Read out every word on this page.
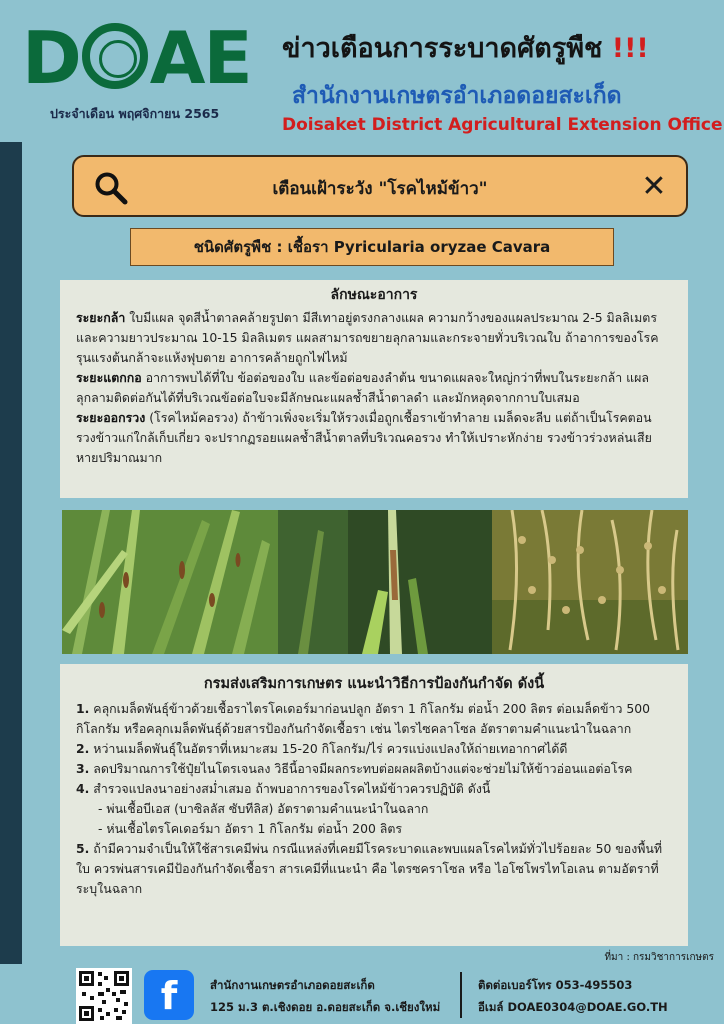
D AE
ประจำเดือน พฤศจิกายน 2565
ข่าวเตือนการระบาดศัตรูพืช !!!
สำนักงานเกษตรอำเภอดอยสะเก็ด
Doisaket District Agricultural Extension Office
เตือนเฝ้าระวัง "โรคไหม้ข้าว"	✕
ชนิดศัตรูพืช : เชื้อรา Pyricularia oryzae Cavara
ลักษณะอาการ

ระยะกล้า ใบมีแผล จุดสีน้ำตาลคล้ายรูปตา มีสีเทาอยู่ตรงกลางแผล ความกว้างของแผลประมาณ 2-5 มิลลิเมตร และความยาวประมาณ 10-15 มิลลิเมตร แผลสามารถขยายลุกลามและกระจายทั่วบริเวณใบ ถ้าอาการของโรครุนแรงต้นกล้าจะแห้งฟุบตาย อาการคล้ายถูกไฟไหม้

ระยะแตกกอ อาการพบได้ที่ใบ ข้อต่อของใบ และข้อต่อของลำต้น ขนาดแผลจะใหญ่กว่าที่พบในระยะกล้า แผลลุกลามติดต่อกันได้ที่บริเวณข้อต่อใบจะมีลักษณะแผลช้ำสีน้ำตาลดำ และมักหลุดจากกาบใบเสมอ

ระยะออกรวง (โรคไหม้คอรวง) ถ้าข้าวเพิ่งจะเริ่มให้รวงเมื่อถูกเชื้อราเข้าทำลาย เมล็ดจะลีบ แต่ถ้าเป็นโรคตอน รวงข้าวแก่ใกล้เก็บเกี่ยว จะปรากฏรอยแผลช้ำสีน้ำตาลที่บริเวณคอรวง ทำให้เปราะหักง่าย รวงข้าวร่วงหล่นเสียหายปริมาณมาก

กรมส่งเสริมการเกษตร แนะนำวิธีการป้องกันกำจัด ดังนี้

1. คลุกเมล็ดพันธุ์ข้าวด้วยเชื้อราไตรโคเดอร์มาก่อนปลูก อัตรา 1 กิโลกรัม ต่อน้ำ 200 ลิตร ต่อเมล็ดข้าว 500 กิโลกรัม หรือคลุกเมล็ดพันธุ์ด้วยสารป้องกันกำจัดเชื้อรา เช่น ไตรไซคลาโซล อัตราตามคำแนะนำในฉลาก

2. หว่านเมล็ดพันธุ์ในอัตราที่เหมาะสม 15-20 กิโลกรัม/ไร่ ควรแบ่งแปลงให้ถ่ายเทอากาศได้ดี

3. ลดปริมาณการใช้ปุ๋ยไนโตรเจนลง วิธีนี้อาจมีผลกระทบต่อผลผลิตบ้างแต่จะช่วยไม่ให้ข้าวอ่อนแอต่อโรค

4. สำรวจแปลงนาอย่างสม่ำเสมอ ถ้าพบอาการของโรคไหม้ข้าวควรปฏิบัติ ดังนี้

- พ่นเชื้อบีเอส (บาซิลลัส ซับทีลิส) อัตราตามคำแนะนำในฉลาก

- ห่นเชื้อไตรโคเดอร์มา อัตรา 1 กิโลกรัม ต่อน้ำ 200 ลิตร

5. ถ้ามีความจำเป็นให้ใช้สารเคมีพ่น กรณีแหล่งที่เคยมีโรคระบาดและพบแผลโรคไหม้ทั่วไปร้อยละ 50 ของพื้นที่ใบ ควรพ่นสารเคมีป้องกันกำจัดเชื้อรา สารเคมีที่แนะนำ คือ ไตรซคราโซล หรือ ไอโซโพรไทโอเลน ตามอัตราที่ระบุในฉลาก

ที่มา : กรมวิชาการเกษตร
f	สำนักงานเกษตรอำเภอดอยสะเก็ด
125 ม.3 ต.เชิงดอย อ.ดอยสะเก็ด จ.เชียงใหม่
ติดต่อเบอร์โทร 053-495503
อีเมล์ DOAE0304@DOAE.GO.TH
